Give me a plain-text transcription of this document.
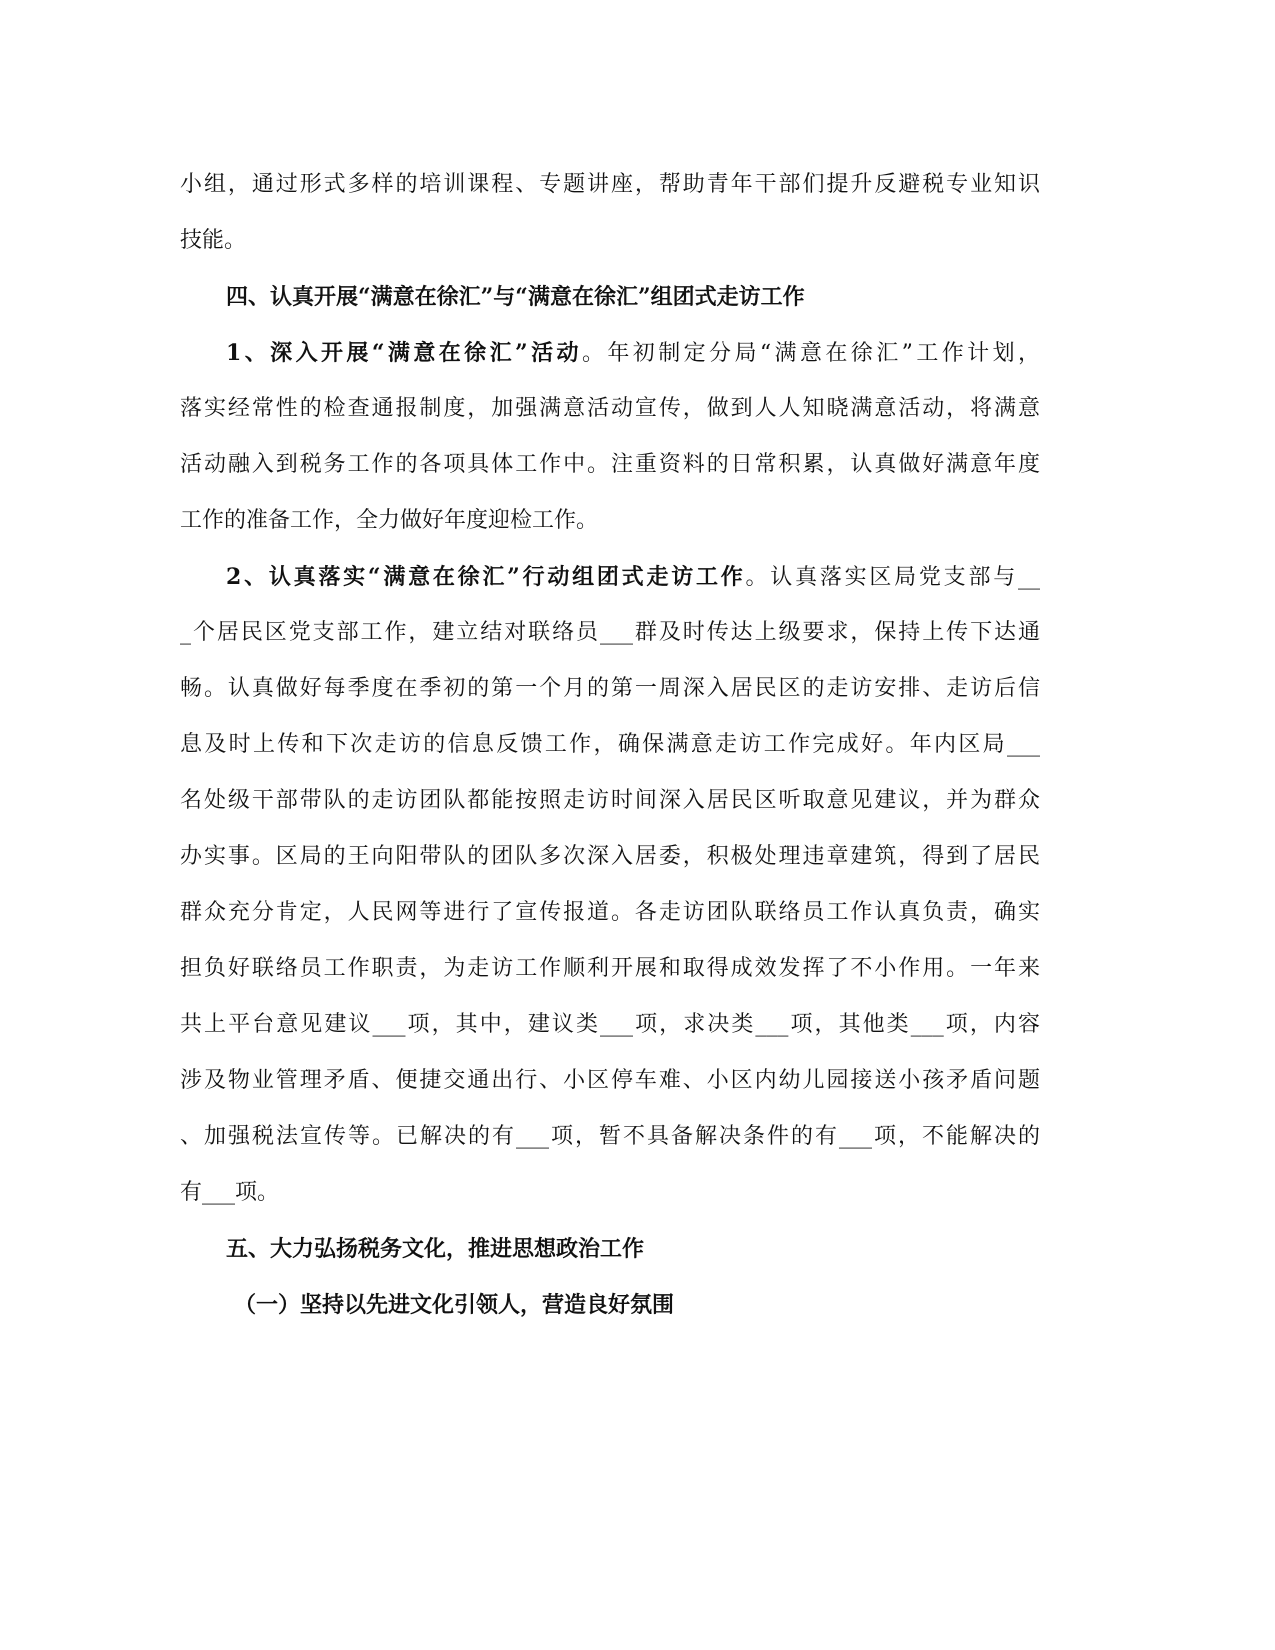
小组，通过形式多样的培训课程、专题讲座，帮助青年干部们提升反避税专业知识
技能。
四、认真开展“满意在徐汇”与“满意在徐汇”组团式走访工作
1、深入开展“满意在徐汇”活动。年初制定分局“满意在徐汇”工作计划，
落实经常性的检查通报制度，加强满意活动宣传，做到人人知晓满意活动，将满意
活动融入到税务工作的各项具体工作中。注重资料的日常积累，认真做好满意年度
工作的准备工作，全力做好年度迎检工作。
2、认真落实“满意在徐汇”行动组团式走访工作。认真落实区局党支部与__
_个居民区党支部工作，建立结对联络员___群及时传达上级要求，保持上传下达通
畅。认真做好每季度在季初的第一个月的第一周深入居民区的走访安排、走访后信
息及时上传和下次走访的信息反馈工作，确保满意走访工作完成好。年内区局___
名处级干部带队的走访团队都能按照走访时间深入居民区听取意见建议，并为群众
办实事。区局的王向阳带队的团队多次深入居委，积极处理违章建筑，得到了居民
群众充分肯定，人民网等进行了宣传报道。各走访团队联络员工作认真负责，确实
担负好联络员工作职责，为走访工作顺利开展和取得成效发挥了不小作用。一年来
共上平台意见建议___项，其中，建议类___项，求决类___项，其他类___项，内容
涉及物业管理矛盾、便捷交通出行、小区停车难、小区内幼儿园接送小孩矛盾问题
、加强税法宣传等。已解决的有___项，暂不具备解决条件的有___项，不能解决的
有___项。
五、大力弘扬税务文化，推进思想政治工作
（一）坚持以先进文化引领人，营造良好氛围
